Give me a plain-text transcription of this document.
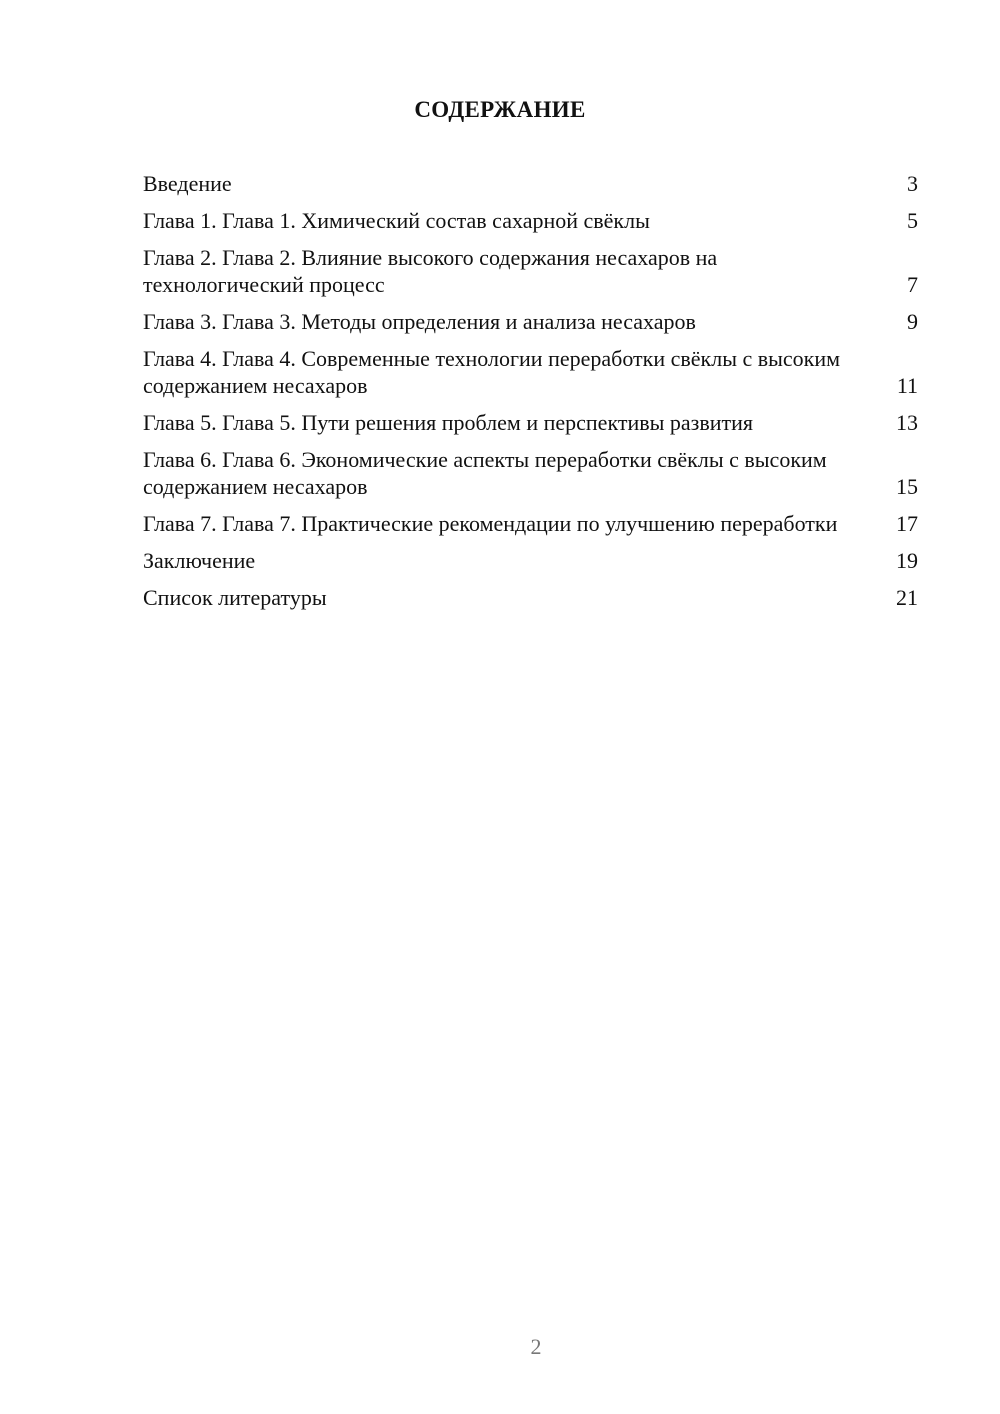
СОДЕРЖАНИЕ
Введение	3
Глава 1. Глава 1. Химический состав сахарной свёклы	5
Глава 2. Глава 2. Влияние высокого содержания несахаров на технологический процесс	7
Глава 3. Глава 3. Методы определения и анализа несахаров	9
Глава 4. Глава 4. Современные технологии переработки свёклы с высоким содержанием несахаров	11
Глава 5. Глава 5. Пути решения проблем и перспективы развития	13
Глава 6. Глава 6. Экономические аспекты переработки свёклы с высоким содержанием несахаров	15
Глава 7. Глава 7. Практические рекомендации по улучшению переработки	17
Заключение	19
Список литературы	21
2
